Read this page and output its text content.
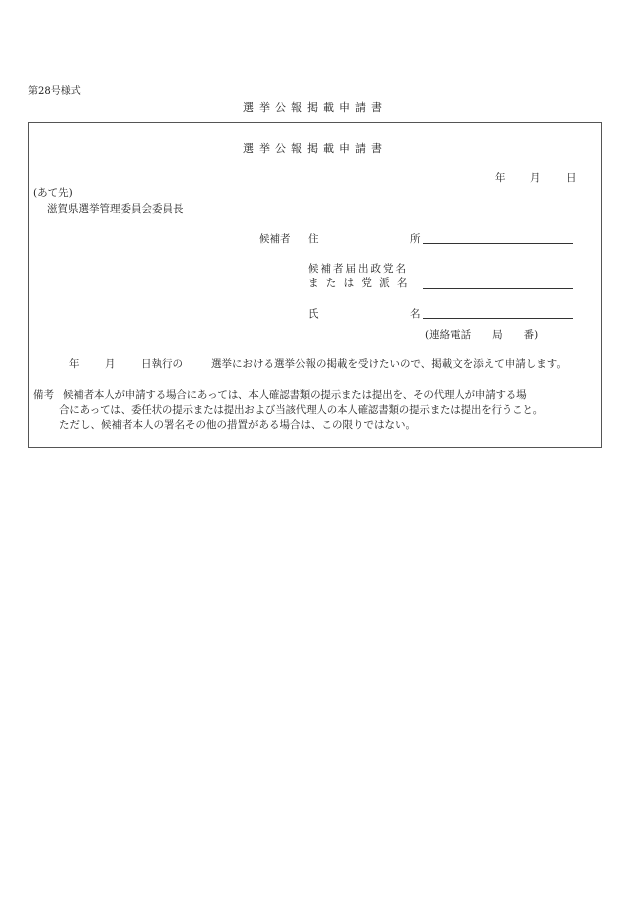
第28号様式
選挙公報掲載申請書
選挙公報掲載申請書
年 月 日
(あて先)
滋賀県選挙管理委員会委員長
候補者 住	所
候補者届出政党名
または党派名
氏	名
(連絡電話　　局　　番)
年 月 日執行の	選挙における選挙公報の掲載を受けたいので、掲載文を添えて申請します。
備考 候補者本人が申請する場合にあっては、本人確認書類の提示または提出を、その代理人が申請する場
合にあっては、委任状の提示または提出および当該代理人の本人確認書類の提示または提出を行うこと。
ただし、候補者本人の署名その他の措置がある場合は、この限りではない。
